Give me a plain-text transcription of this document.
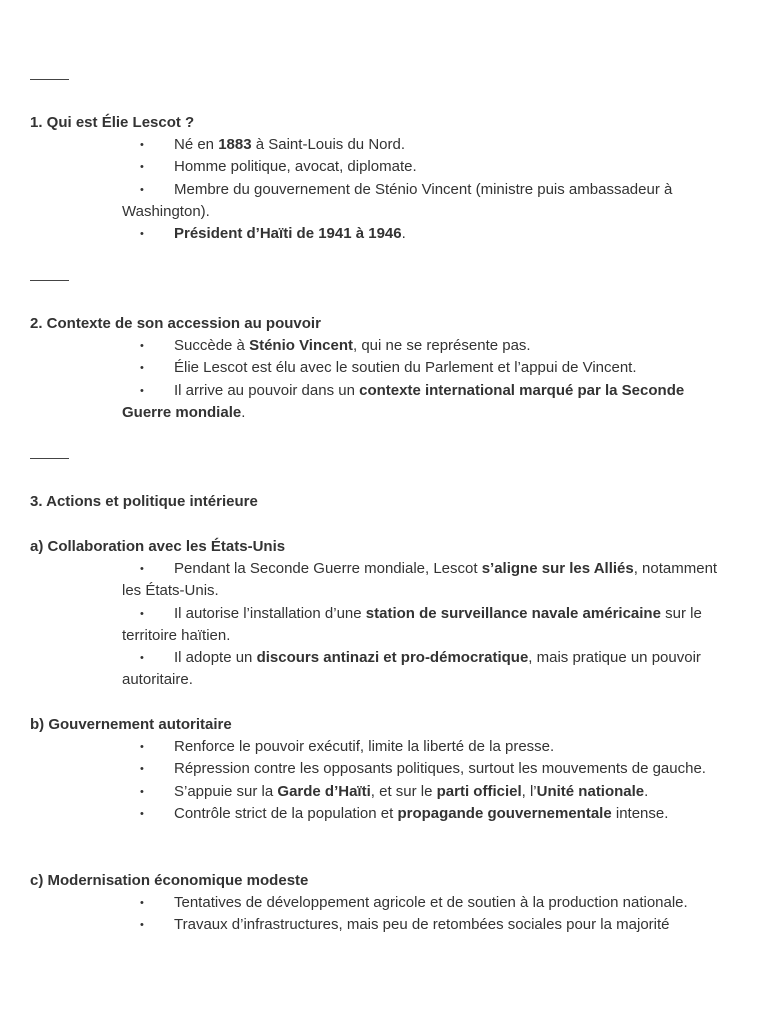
1. Qui est Élie Lescot ?
• Né en 1883 à Saint-Louis du Nord.
• Homme politique, avocat, diplomate.
• Membre du gouvernement de Sténio Vincent (ministre puis ambassadeur à Washington).
• Président d’Haïti de 1941 à 1946.
2. Contexte de son accession au pouvoir
• Succède à Sténio Vincent, qui ne se représente pas.
• Élie Lescot est élu avec le soutien du Parlement et l’appui de Vincent.
• Il arrive au pouvoir dans un contexte international marqué par la Seconde Guerre mondiale.
3. Actions et politique intérieure
a) Collaboration avec les États-Unis
• Pendant la Seconde Guerre mondiale, Lescot s’aligne sur les Alliés, notamment les États-Unis.
• Il autorise l’installation d’une station de surveillance navale américaine sur le territoire haïtien.
• Il adopte un discours antinazi et pro-démocratique, mais pratique un pouvoir autoritaire.
b) Gouvernement autoritaire
• Renforce le pouvoir exécutif, limite la liberté de la presse.
• Répression contre les opposants politiques, surtout les mouvements de gauche.
• S’appuie sur la Garde d’Haïti, et sur le parti officiel, l’Unité nationale.
• Contrôle strict de la population et propagande gouvernementale intense.
c) Modernisation économique modeste
• Tentatives de développement agricole et de soutien à la production nationale.
• Travaux d’infrastructures, mais peu de retombées sociales pour la majorité
